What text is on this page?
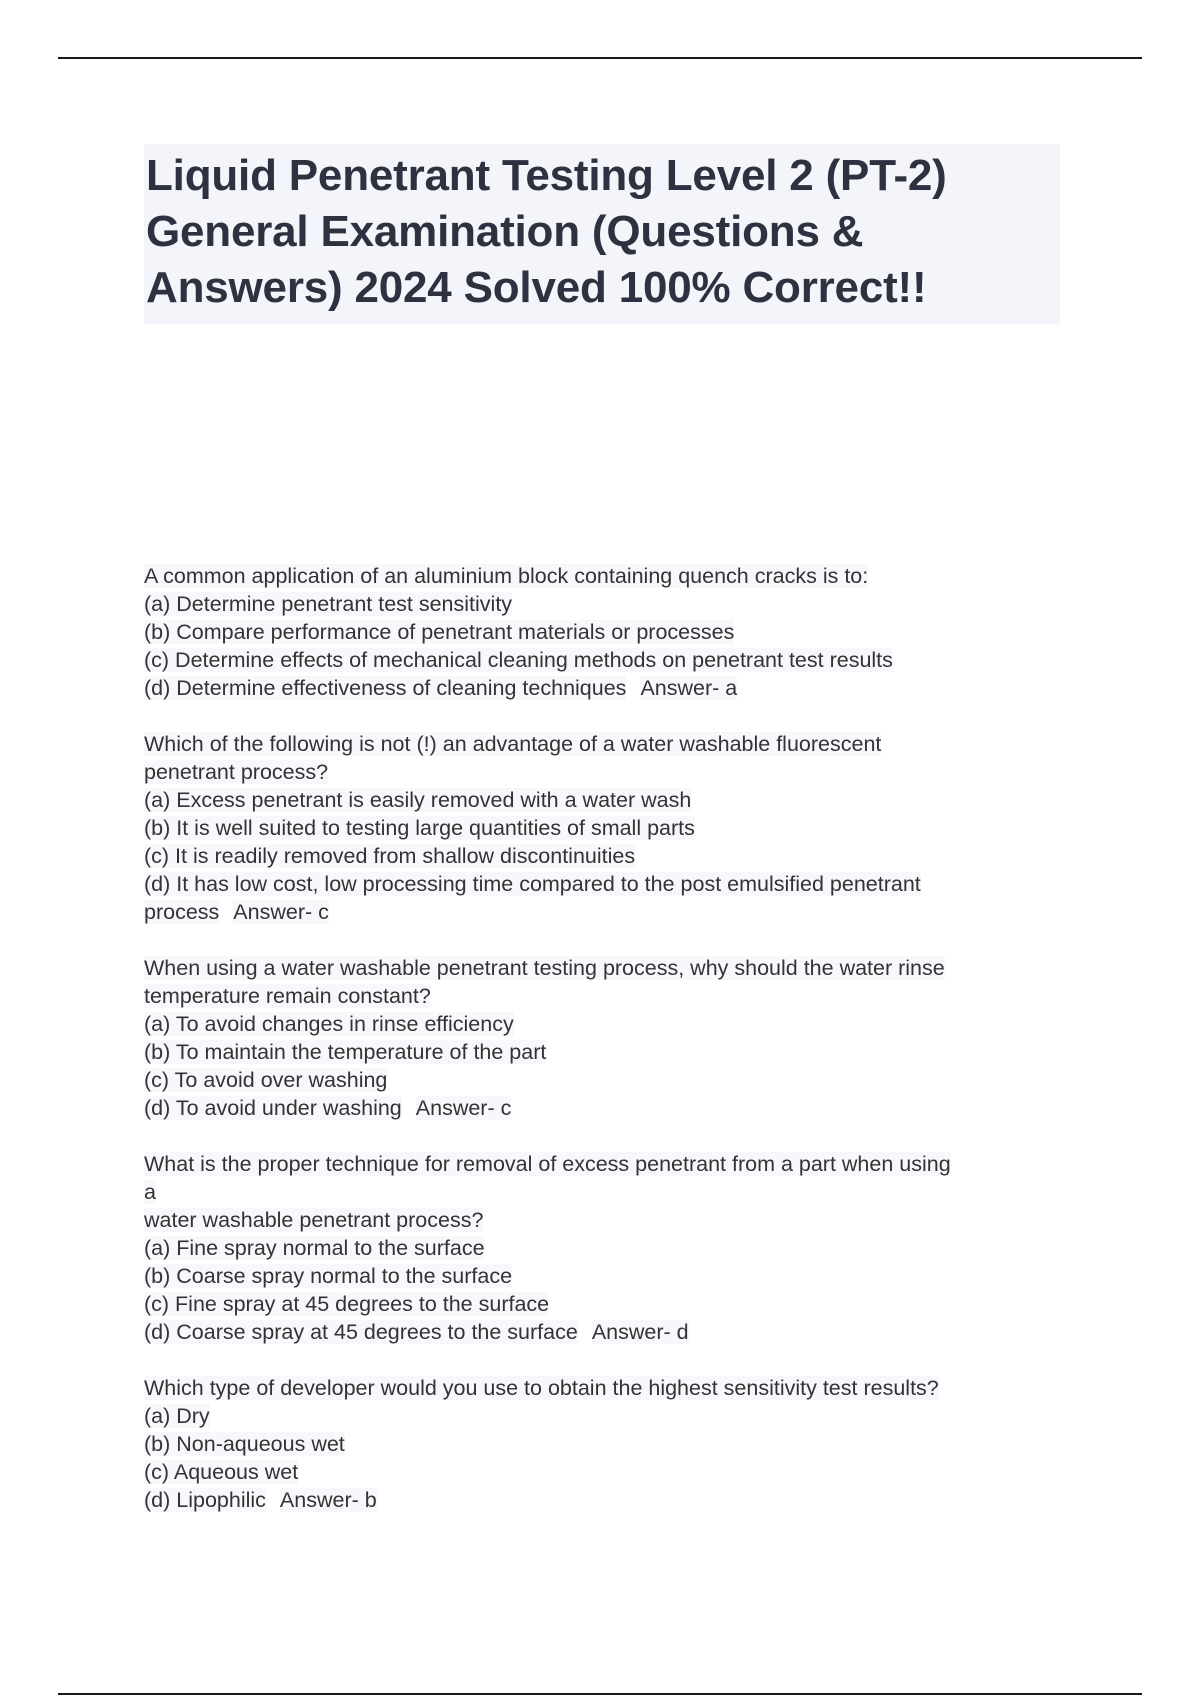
Liquid Penetrant Testing Level 2 (PT-2)
General Examination (Questions &
Answers) 2024 Solved 100% Correct!!
A common application of an aluminium block containing quench cracks is to:
(a) Determine penetrant test sensitivity
(b) Compare performance of penetrant materials or processes
(c) Determine effects of mechanical cleaning methods on penetrant test results
(d) Determine effectiveness of cleaning techniques Answer- a
Which of the following is not (!) an advantage of a water washable fluorescent
penetrant process?
(a) Excess penetrant is easily removed with a water wash
(b) It is well suited to testing large quantities of small parts
(c) It is readily removed from shallow discontinuities
(d) It has low cost, low processing time compared to the post emulsified penetrant
process Answer- c
When using a water washable penetrant testing process, why should the water rinse
temperature remain constant?
(a) To avoid changes in rinse efficiency
(b) To maintain the temperature of the part
(c) To avoid over washing
(d) To avoid under washing Answer- c
What is the proper technique for removal of excess penetrant from a part when using
a
water washable penetrant process?
(a) Fine spray normal to the surface
(b) Coarse spray normal to the surface
(c) Fine spray at 45 degrees to the surface
(d) Coarse spray at 45 degrees to the surface Answer- d
Which type of developer would you use to obtain the highest sensitivity test results?
(a) Dry
(b) Non-aqueous wet
(c) Aqueous wet
(d) Lipophilic Answer- b
